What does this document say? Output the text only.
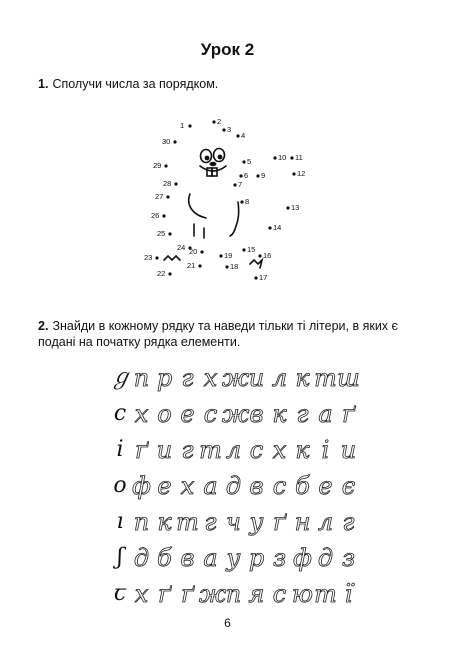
Урок 2
1. Сполучи числа за порядком.
1	2
3
4
5
6
7
8
9
10 11
12
13
14
15
16
17
18
19
20
21
22
23
24
25
26
27
28
29
30
2. Знайди в кожному рядку та наведи тільки ті літери, в яких є подані на початку рядка елементи.
ℊ п р г х ж и л к т ш
с х о е с ж в к г а ґ
і ґ и г т л с х к і и
о ф е х а д в с б е є
ı п к т г ч у ґ н л г
ʃ д б в а у р з ф д з
ꞇ х ґ ґ ж п я с ю т ї
6
